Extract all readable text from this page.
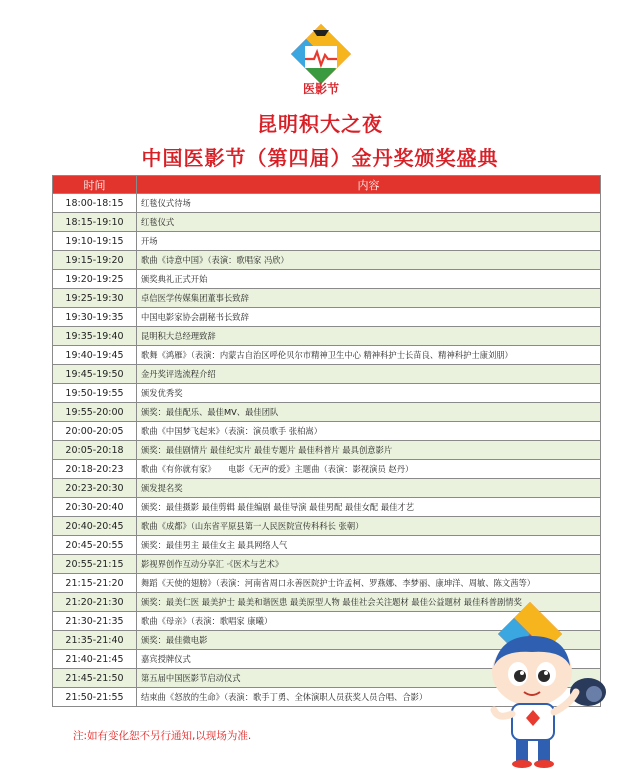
医影节
昆明积大之夜
中国医影节（第四届）金丹奖颁奖盛典
时间	内容
18:00-18:15	红毯仪式待场
18:15-19:10	红毯仪式
19:10-19:15	开场
19:15-19:20	歌曲《诗意中国》（表演：歌唱家 冯欣）
19:20-19:25	颁奖典礼正式开始
19:25-19:30	卓信医学传媒集团董事长致辞
19:30-19:35	中国电影家协会副秘书长致辞
19:35-19:40	昆明积大总经理致辞
19:40-19:45	歌舞《鸿雁》（表演：内蒙古自治区呼伦贝尔市精神卫生中心 精神科护士长苗良、精神科护士康刘朋）
19:45-19:50	金丹奖评选流程介绍
19:50-19:55	颁发优秀奖
19:55-20:00	颁奖：最佳配乐、最佳MV、最佳团队
20:00-20:05	歌曲《中国梦飞起来》（表演：演员歌手 张柏嵩）
20:05-20:18	颁奖：最佳剧情片 最佳纪实片 最佳专题片 最佳科普片 最具创意影片
20:18-20:23	歌曲《有你就有家》　　电影《无声的爱》主题曲（表演：影视演员 赵丹）
20:23-20:30	颁发提名奖
20:30-20:40	颁奖：最佳摄影 最佳剪辑 最佳编剧 最佳导演 最佳男配 最佳女配 最佳才艺
20:40-20:45	歌曲《成都》（山东省平原县第一人民医院宣传科科长 张朝）
20:45-20:55	颁奖：最佳男主 最佳女主 最具网络人气
20:55-21:15	影视界创作互动分享汇 ·《医术与艺术》
21:15-21:20	舞蹈《天使的翅膀》（表演：河南省周口永善医院护士许孟柯、罗燕娜、李梦丽、康坤洋、周敏、陈文茜等）
21:20-21:30	颁奖：最美仁医 最美护士 最美和谐医患 最美原型人物 最佳社会关注题材 最佳公益题材 最佳科普剧情奖
21:30-21:35	歌曲《母亲》（表演：歌唱家 康曦）
21:35-21:40	颁奖：最佳微电影
21:40-21:45	嘉宾授牌仪式
21:45-21:50	第五届中国医影节启动仪式
21:50-21:55	结束曲《怒放的生命》（表演：歌手丁勇、全体演职人员获奖人员合唱、合影）
注:如有变化恕不另行通知,以现场为准.
